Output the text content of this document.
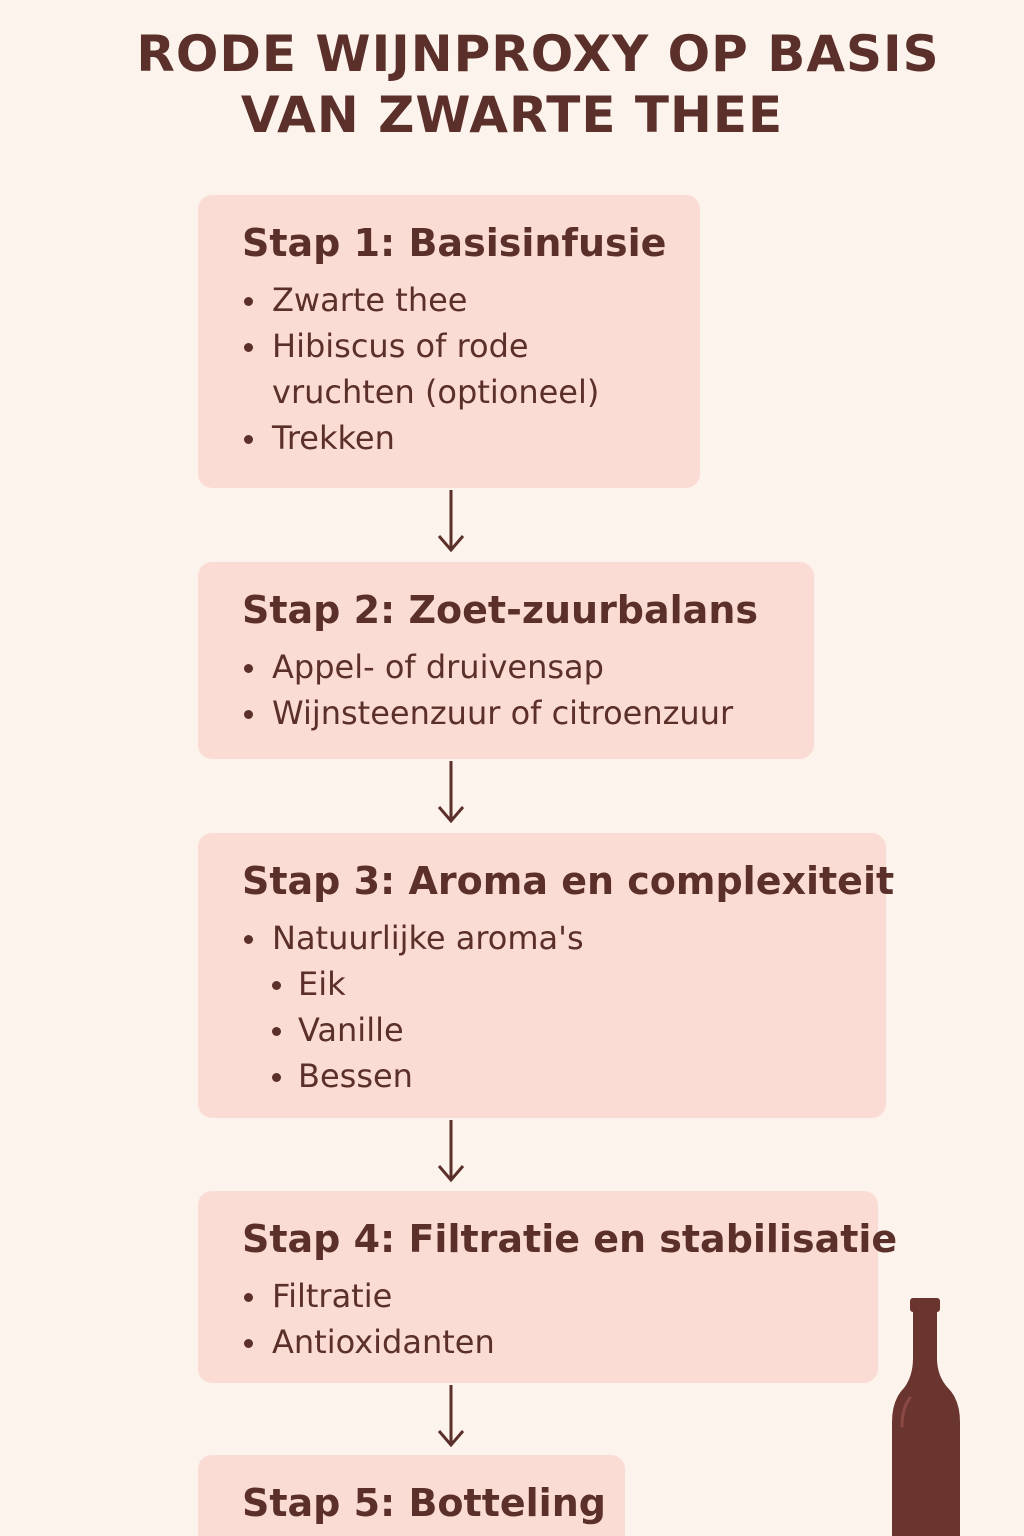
RODE WIJNPROXY OP BASIS
VAN ZWARTE THEE
Stap 1: Basisinfusie
Zwarte thee
Hibiscus of rode vruchten (optioneel)
Trekken
Stap 2: Zoet-zuurbalans
Appel- of druivensap
Wijnsteenzuur of citroenzuur
Stap 3: Aroma en complexiteit
Natuurlijke aroma's
Eik
Vanille
Bessen
Stap 4: Filtratie en stabilisatie
Filtratie
Antioxidanten
Stap 5: Botteling
